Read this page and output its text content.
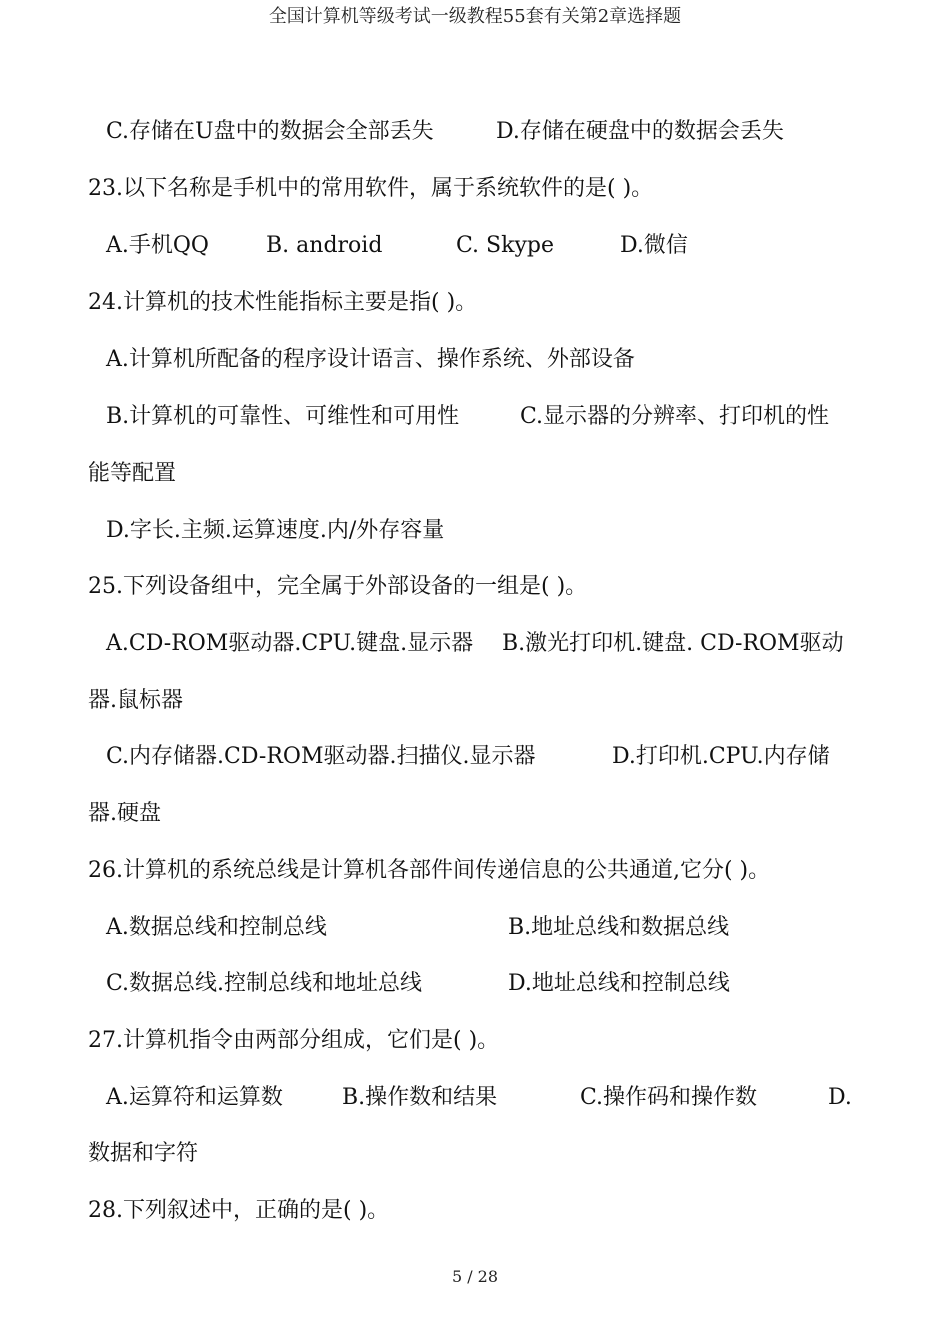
全国计算机等级考试一级教程55套有关第2章选择题
C.存储在U盘中的数据会全部丢失	D.存储在硬盘中的数据会丢失
23.以下名称是手机中的常用软件，属于系统软件的是( )。
A.手机QQ	B. android	C. Skype	D.微信
24.计算机的技术性能指标主要是指( )。
A.计算机所配备的程序设计语言、操作系统、外部设备
B.计算机的可靠性、可维性和可用性	C.显示器的分辨率、打印机的性
能等配置
D.字长.主频.运算速度.内/外存容量
25.下列设备组中，完全属于外部设备的一组是( )。
A.CD-ROM驱动器.CPU.键盘.显示器 B.激光打印机.键盘. CD-ROM驱动
器.鼠标器
C.内存储器.CD-ROM驱动器.扫描仪.显示器	D.打印机.CPU.内存储
器.硬盘
26.计算机的系统总线是计算机各部件间传递信息的公共通道,它分( )。
A.数据总线和控制总线	B.地址总线和数据总线
C.数据总线.控制总线和地址总线	D.地址总线和控制总线
27.计算机指令由两部分组成，它们是( )。
A.运算符和运算数	B.操作数和结果	C.操作码和操作数	D.
数据和字符
28.下列叙述中，正确的是( )。
5 / 28
